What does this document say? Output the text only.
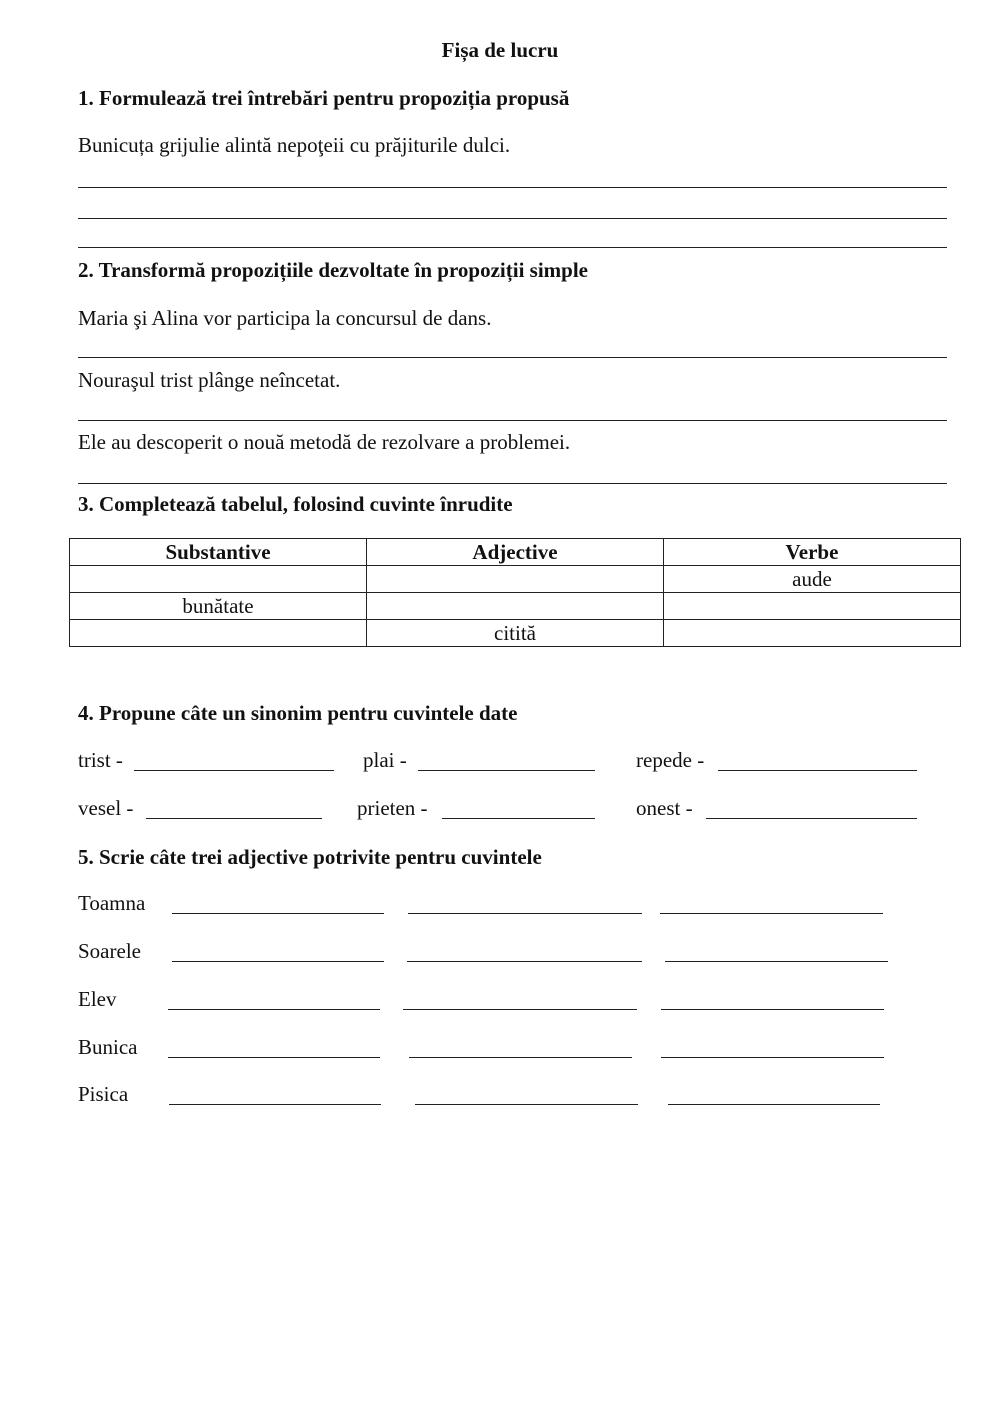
Fișa de lucru
1. Formulează trei întrebări pentru propoziția propusă
Bunicuța grijulie alintă nepoţeii cu prăjiturile dulci.
2. Transformă propozițiile dezvoltate în propoziții simple
Maria şi Alina vor participa la concursul de dans.
Nouraşul trist plânge neîncetat.
Ele au descoperit o nouă metodă de rezolvare a problemei.
3. Completează tabelul, folosind cuvinte înrudite
Substantive	Adjective	Verbe
		aude
bunătate		
	citită	
4. Propune câte un sinonim pentru cuvintele date
trist -	plai -	repede -
vesel -	prieten -	onest -
5. Scrie câte trei adjective potrivite pentru cuvintele
Toamna
Soarele
Elev
Bunica
Pisica
